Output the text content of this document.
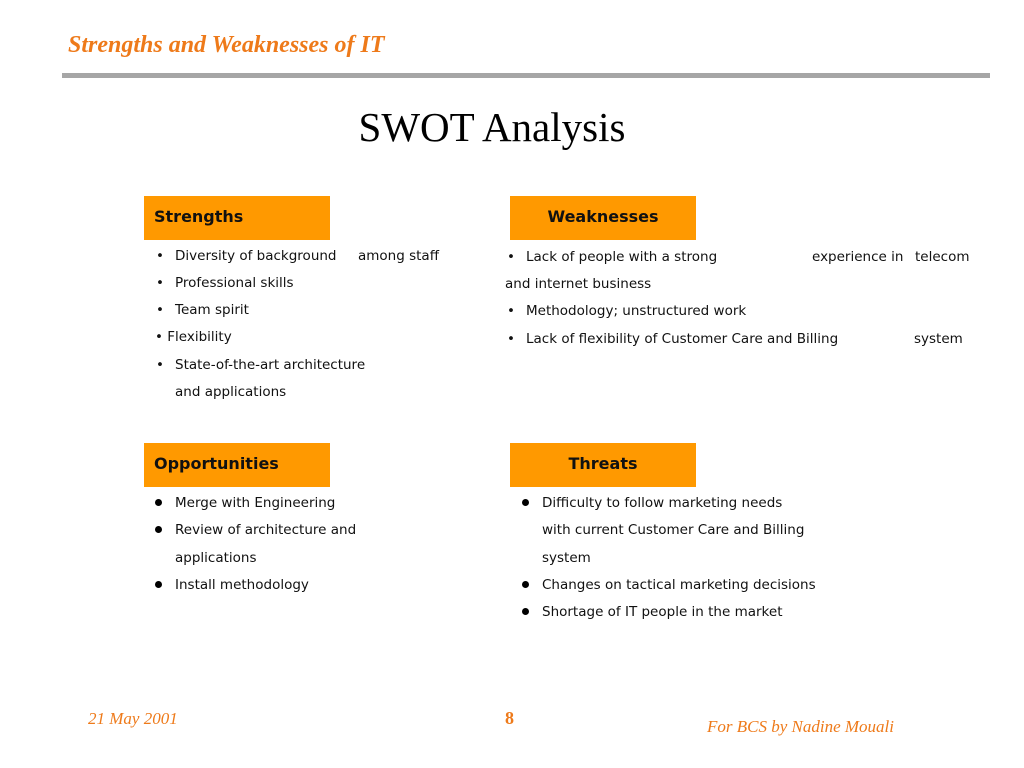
Strengths and Weaknesses of IT
SWOT Analysis
Strengths
• Diversity of background among staff
• Professional skills
• Team spirit
• Flexibility
• State-of-the-art architecture
and applications
Weaknesses
• Lack of people with a strong	experience in telecom
and internet business
• Methodology; unstructured work
• Lack of flexibility of Customer Care and Billing	system
Opportunities
Merge with Engineering
Review of architecture and
applications
Install methodology
Threats
Difficulty to follow marketing needs
with current Customer Care and Billing
system
Changes on tactical marketing decisions
Shortage of IT people in the market
21 May 2001	8	For BCS by Nadine Mouali
